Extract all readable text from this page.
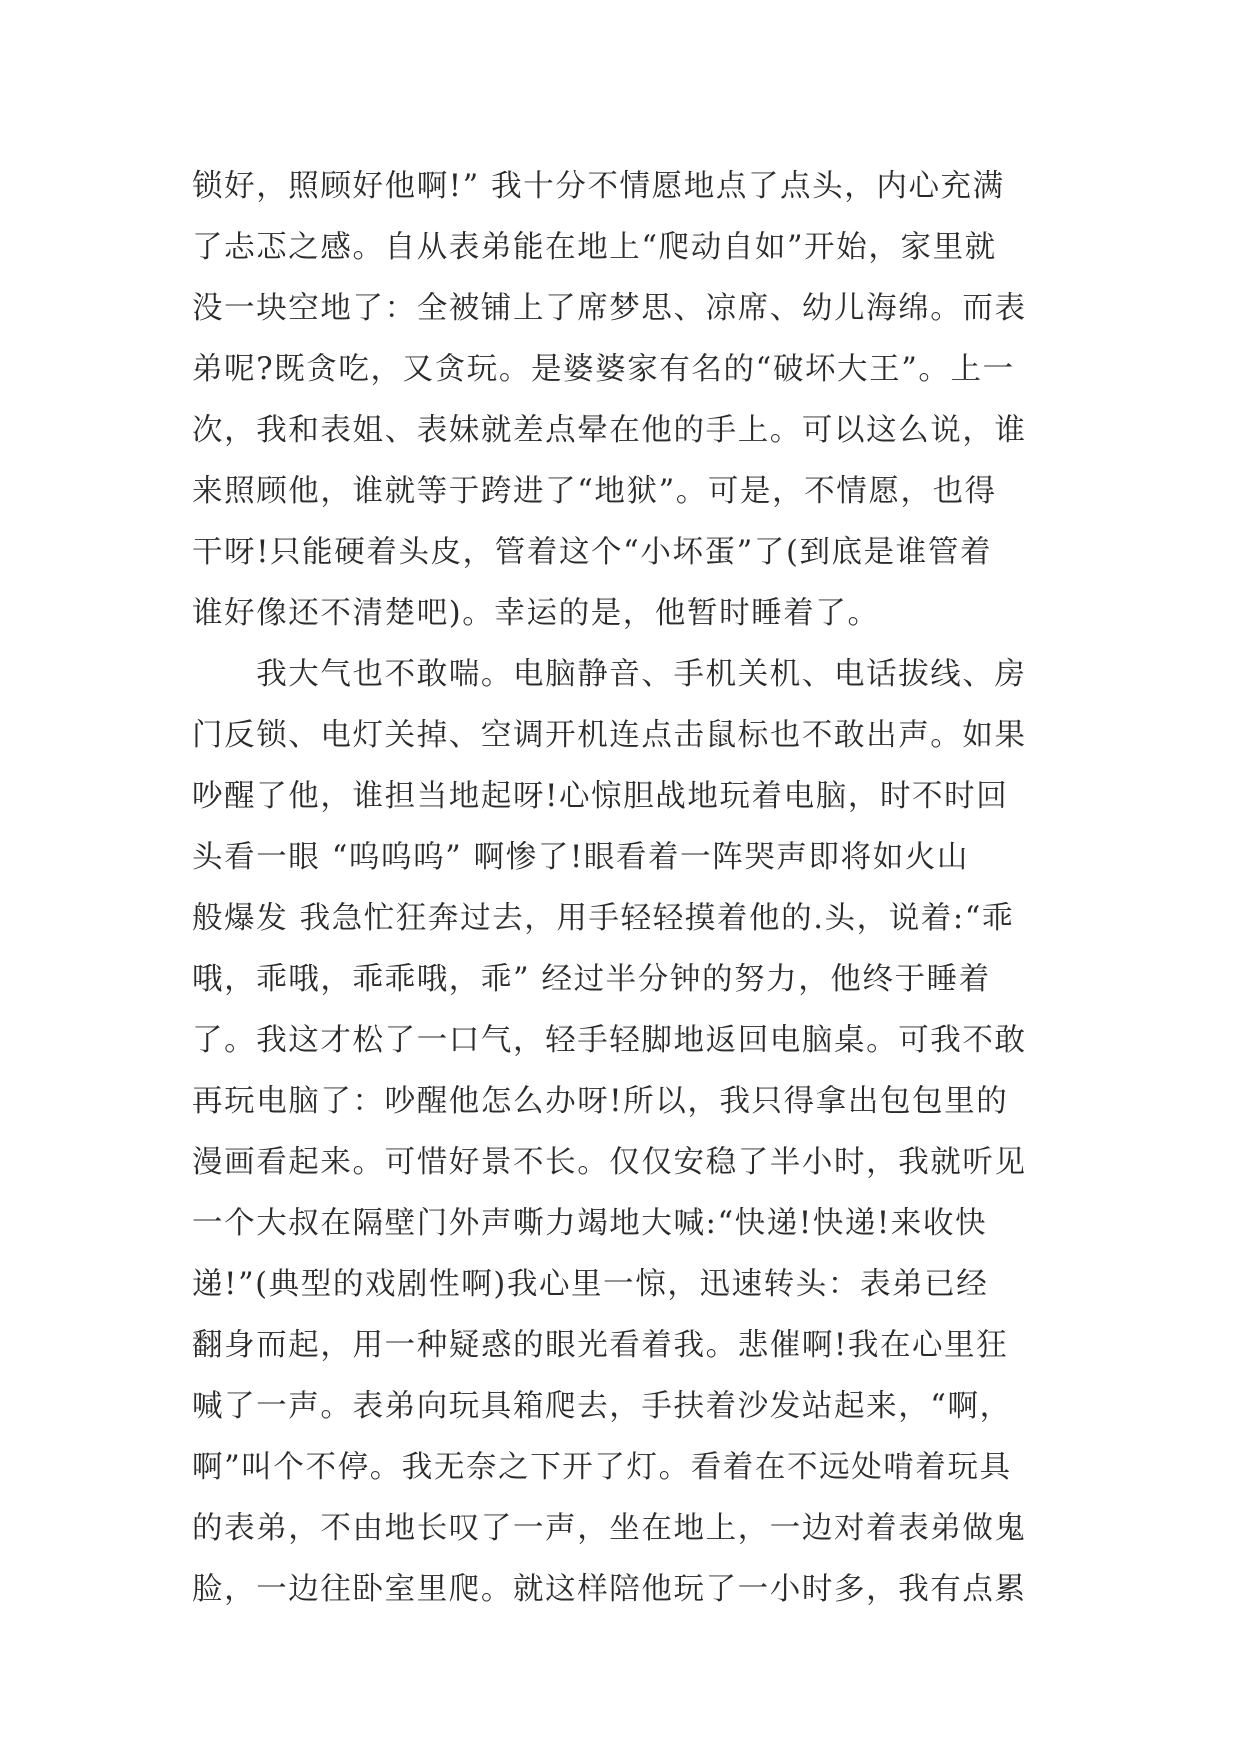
锁好，照顾好他啊!” 我十分不情愿地点了点头，内心充满
了忐忑之感。自从表弟能在地上“爬动自如”开始，家里就
没一块空地了：全被铺上了席梦思、凉席、幼儿海绵。而表
弟呢?既贪吃，又贪玩。是婆婆家有名的“破坏大王”。上一
次，我和表姐、表妹就差点晕在他的手上。可以这么说，谁
来照顾他，谁就等于跨进了“地狱”。可是，不情愿，也得
干呀!只能硬着头皮，管着这个“小坏蛋”了(到底是谁管着
谁好像还不清楚吧)。幸运的是，他暂时睡着了。
　　我大气也不敢喘。电脑静音、手机关机、电话拔线、房
门反锁、电灯关掉、空调开机连点击鼠标也不敢出声。如果
吵醒了他，谁担当地起呀!心惊胆战地玩着电脑，时不时回
头看一眼 “呜呜呜” 啊惨了!眼看着一阵哭声即将如火山
般爆发 我急忙狂奔过去，用手轻轻摸着他的.头，说着:“乖
哦，乖哦，乖乖哦，乖” 经过半分钟的努力，他终于睡着
了。我这才松了一口气，轻手轻脚地返回电脑桌。可我不敢
再玩电脑了：吵醒他怎么办呀!所以，我只得拿出包包里的
漫画看起来。可惜好景不长。仅仅安稳了半小时，我就听见
一个大叔在隔壁门外声嘶力竭地大喊:“快递!快递!来收快
递!”(典型的戏剧性啊)我心里一惊，迅速转头：表弟已经
翻身而起，用一种疑惑的眼光看着我。悲催啊!我在心里狂
喊了一声。表弟向玩具箱爬去，手扶着沙发站起来，“啊，
啊”叫个不停。我无奈之下开了灯。看着在不远处啃着玩具
的表弟，不由地长叹了一声，坐在地上，一边对着表弟做鬼
脸，一边往卧室里爬。就这样陪他玩了一小时多，我有点累
